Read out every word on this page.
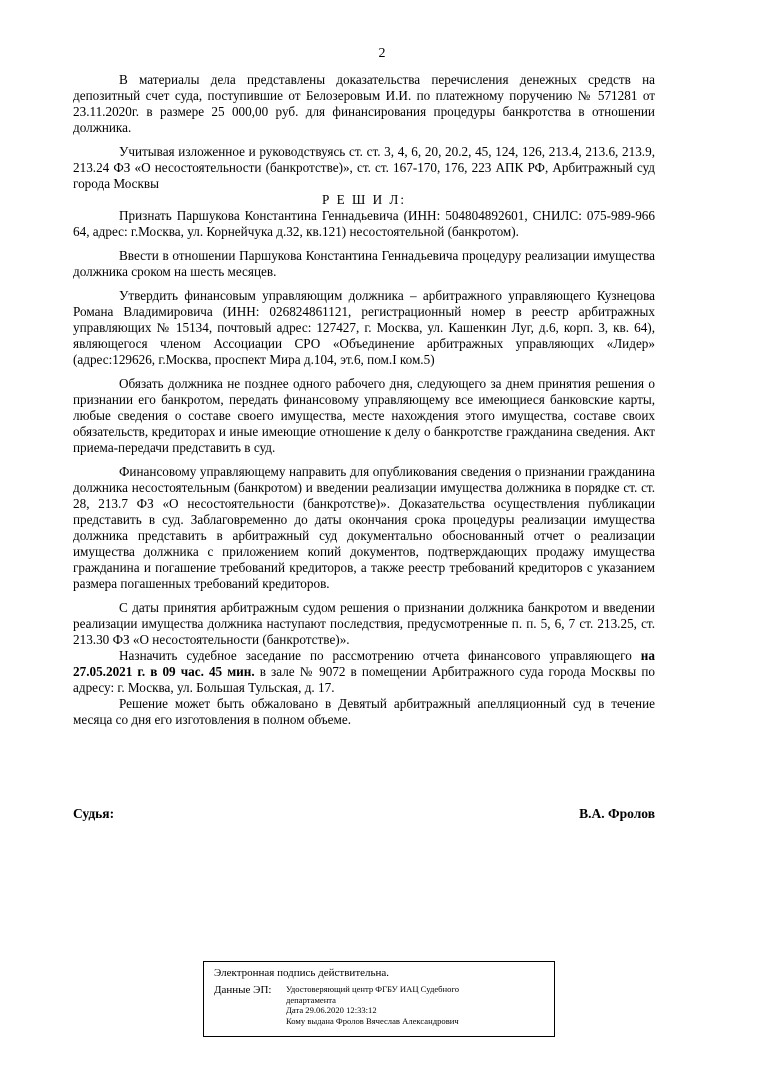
2

В материалы дела представлены доказательства перечисления денежных средств на депозитный счет суда, поступившие от Белозеровым И.И. по платежному поручению № 571281 от 23.11.2020г. в размере 25 000,00 руб. для финансирования процедуры банкротства в отношении должника.

Учитывая изложенное и руководствуясь ст. ст. 3, 4, 6, 20, 20.2, 45, 124, 126, 213.4, 213.6, 213.9, 213.24 ФЗ «О несостоятельности (банкротстве)», ст. ст. 167-170, 176, 223 АПК РФ, Арбитражный суд города Москвы

Р Е Ш И Л:

Признать Паршукова Константина Геннадьевича (ИНН: 504804892601, СНИЛС: 075-989-966 64, адрес: г.Москва, ул. Корнейчука д.32, кв.121) несостоятельной (банкротом).

Ввести в отношении Паршукова Константина Геннадьевича процедуру реализации имущества должника сроком на шесть месяцев.

Утвердить финансовым управляющим должника – арбитражного управляющего Кузнецова Романа Владимировича (ИНН: 026824861121, регистрационный номер в реестр арбитражных управляющих № 15134, почтовый адрес: 127427, г. Москва, ул. Кашенкин Луг, д.6, корп. 3, кв. 64), являющегося членом Ассоциации СРО «Объединение арбитражных управляющих «Лидер» (адрес:129626, г.Москва, проспект Мира д.104, эт.6, пом.I ком.5)

Обязать должника не позднее одного рабочего дня, следующего за днем принятия решения о признании его банкротом, передать финансовому управляющему все имеющиеся банковские карты, любые сведения о составе своего имущества, месте нахождения этого имущества, составе своих обязательств, кредиторах и иные имеющие отношение к делу о банкротстве гражданина сведения. Акт приема-передачи представить в суд.

Финансовому управляющему направить для опубликования сведения о признании гражданина должника несостоятельным (банкротом) и введении реализации имущества должника в порядке ст. ст. 28, 213.7 ФЗ «О несостоятельности (банкротстве)». Доказательства осуществления публикации представить в суд. Заблаговременно до даты окончания срока процедуры реализации имущества должника представить в арбитражный суд документально обоснованный отчет о реализации имущества должника с приложением копий документов, подтверждающих продажу имущества гражданина и погашение требований кредиторов, а также реестр требований кредиторов с указанием размера погашенных требований кредиторов.

С даты принятия арбитражным судом решения о признании должника банкротом и введении реализации имущества должника наступают последствия, предусмотренные п. п. 5, 6, 7 ст. 213.25, ст. 213.30 ФЗ «О несостоятельности (банкротстве)».

Назначить судебное заседание по рассмотрению отчета финансового управляющего на 27.05.2021 г. в 09 час. 45 мин. в зале № 9072 в помещении Арбитражного суда города Москвы по адресу: г. Москва, ул. Большая Тульская, д. 17.

Решение может быть обжаловано в Девятый арбитражный апелляционный суд в течение месяца со дня его изготовления в полном объеме.

Судья:	В.А. Фролов
Электронная подпись действительна.
Данные ЭП:	Удостоверяющий центр ФГБУ ИАЦ Судебного
департамента
Дата 29.06.2020 12:33:12
Кому выдана Фролов Вячеслав Александрович
